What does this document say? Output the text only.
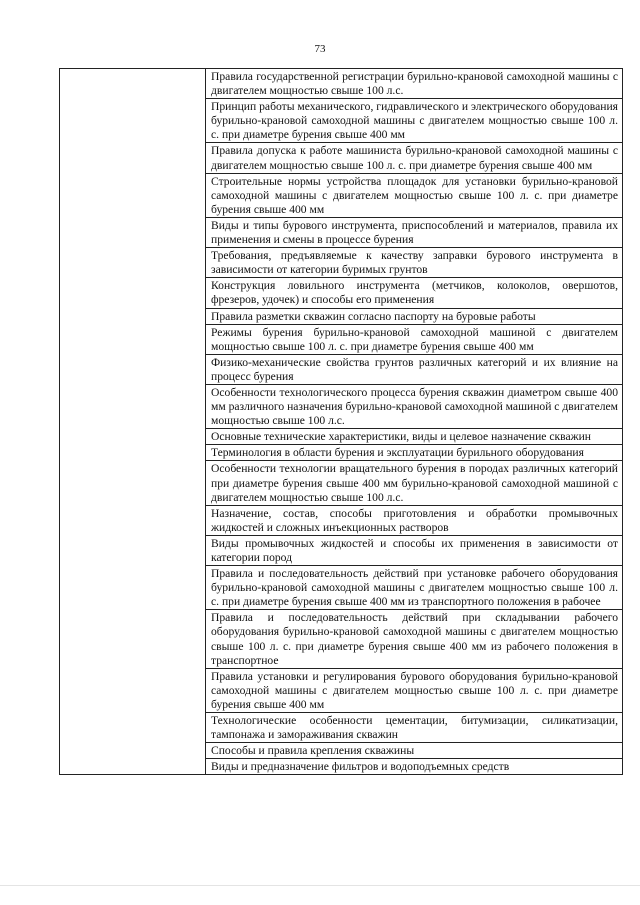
73
	Правила государственной регистрации бурильно-крановой самоходной машины с двигателем мощностью свыше 100 л.с.
Принцип работы механического, гидравлического и электрического оборудования бурильно-крановой самоходной машины с двигателем мощностью свыше 100 л. с. при диаметре бурения свыше 400 мм
Правила допуска к работе машиниста бурильно-крановой самоходной машины с двигателем мощностью свыше 100 л. с. при диаметре бурения свыше 400 мм
Строительные нормы устройства площадок для установки бурильно-крановой самоходной машины с двигателем мощностью свыше 100 л. с. при диаметре бурения свыше 400 мм
Виды и типы бурового инструмента, приспособлений и материалов, правила их применения и смены в процессе бурения
Требования, предъявляемые к качеству заправки бурового инструмента в зависимости от категории буримых грунтов
Конструкция ловильного инструмента (метчиков, колоколов, овершотов, фрезеров, удочек) и способы его применения
Правила разметки скважин согласно паспорту на буровые работы
Режимы бурения бурильно-крановой самоходной машиной с двигателем мощностью свыше 100 л. с. при диаметре бурения свыше 400 мм
Физико-механические свойства грунтов различных категорий и их влияние на процесс бурения
Особенности технологического процесса бурения скважин диаметром свыше 400 мм различного назначения бурильно-крановой самоходной машиной с двигателем мощностью свыше 100 л.с.
Основные технические характеристики, виды и целевое назначение скважин
Терминология в области бурения и эксплуатации бурильного оборудования
Особенности технологии вращательного бурения в породах различных категорий при диаметре бурения свыше 400 мм бурильно-крановой самоходной машиной с двигателем мощностью свыше 100 л.с.
Назначение, состав, способы приготовления и обработки промывочных жидкостей и сложных инъекционных растворов
Виды промывочных жидкостей и способы их применения в зависимости от категории пород
Правила и последовательность действий при установке рабочего оборудования бурильно-крановой самоходной машины с двигателем мощностью свыше 100 л. с. при диаметре бурения свыше 400 мм из транспортного положения в рабочее
Правила и последовательность действий при складывании рабочего оборудования бурильно-крановой самоходной машины с двигателем мощностью свыше 100 л. с. при диаметре бурения свыше 400 мм из рабочего положения в транспортное
Правила установки и регулирования бурового оборудования бурильно-крановой самоходной машины с двигателем мощностью свыше 100 л. с. при диаметре бурения свыше 400 мм
Технологические особенности цементации, битумизации, силикатизации, тампонажа и замораживания скважин
Способы и правила крепления скважины
Виды и предназначение фильтров и водоподъемных средств
